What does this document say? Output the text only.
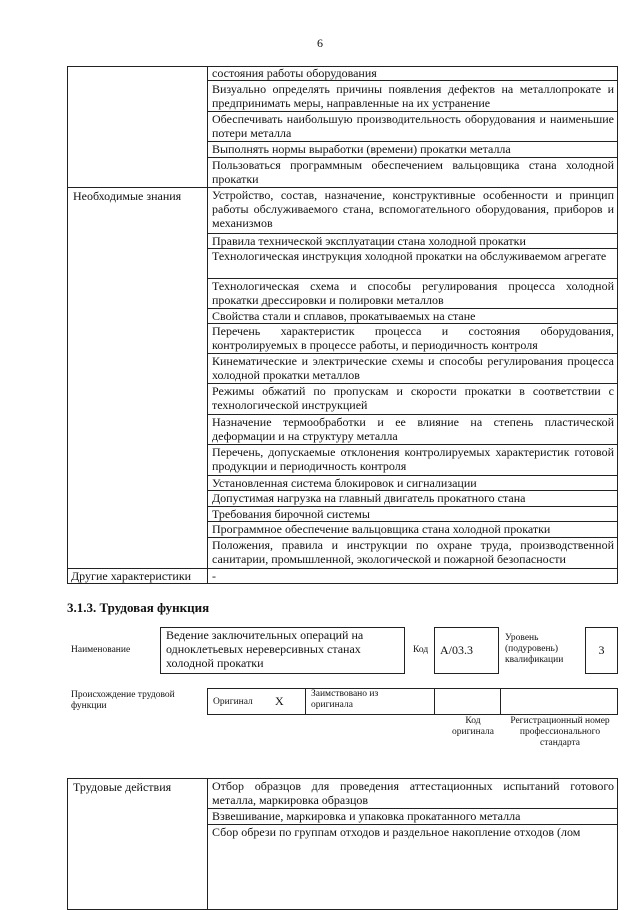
6
состояния работы оборудования
Визуально определять причины появления дефектов на металлопрокате и предпринимать меры, направленные на их устранение
Обеспечивать наибольшую производительность оборудования и наименьшие потери металла
Выполнять нормы выработки (времени) прокатки металла
Пользоваться программным обеспечением вальцовщика стана холодной прокатки
Необходимые знания	Устройство, состав, назначение, конструктивные особенности и принцип работы обслуживаемого стана, вспомогательного оборудования, приборов и механизмов
Правила технической эксплуатации стана холодной прокатки
Технологическая инструкция холодной прокатки на обслуживаемом агрегате
Технологическая схема и способы регулирования процесса холодной прокатки дрессировки и полировки металлов
Свойства стали и сплавов, прокатываемых на стане
Перечень характеристик процесса и состояния оборудования, контролируемых в процессе работы, и периодичность контроля
Кинематические и электрические схемы и способы регулирования процесса холодной прокатки металлов
Режимы обжатий по пропускам и скорости прокатки в соответствии с технологической инструкцией
Назначение термообработки и ее влияние на степень пластической деформации и на структуру металла
Перечень, допускаемые отклонения контролируемых характеристик готовой продукции и периодичность контроля
Установленная система блокировок и сигнализации
Допустимая нагрузка на главный двигатель прокатного стана
Требования бирочной системы
Программное обеспечение вальцовщика стана холодной прокатки
Положения, правила и инструкции по охране труда, производственной санитарии, промышленной, экологической и пожарной безопасности
Другие характеристики	-
3.1.3. Трудовая функция
Наименование
Ведение заключительных операций на одноклетьевых нереверсивных станах холодной прокатки
Код А/03.3
Уровень (подуровень) квалификации
3
Происхождение трудовой функции	Оригинал Х	Заимствовано из оригинала
Код оригинала
Регистрационный номер профессионального стандарта
Трудовые действия	Отбор образцов для проведения аттестационных испытаний готового металла, маркировка образцов
Взвешивание, маркировка и упаковка прокатанного металла
Сбор обрези по группам отходов и раздельное накопление отходов (лом
